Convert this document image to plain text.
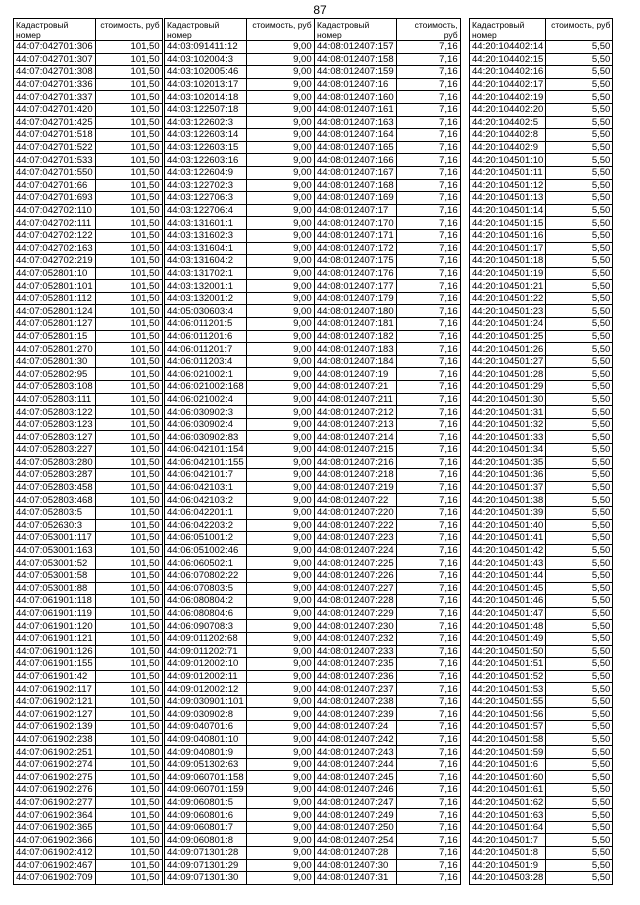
87
Кадастровый номер	стоимость, руб
44:07:042701:306	101,50
44:07:042701:307	101,50
44:07:042701:308	101,50
44:07:042701:336	101,50
44:07:042701:337	101,50
44:07:042701:420	101,50
44:07:042701:425	101,50
44:07:042701:518	101,50
44:07:042701:522	101,50
44:07:042701:533	101,50
44:07:042701:550	101,50
44:07:042701:66	101,50
44:07:042701:693	101,50
44:07:042702:110	101,50
44:07:042702:111	101,50
44:07:042702:122	101,50
44:07:042702:163	101,50
44:07:042702:219	101,50
44:07:052801:10	101,50
44:07:052801:101	101,50
44:07:052801:112	101,50
44:07:052801:124	101,50
44:07:052801:127	101,50
44:07:052801:15	101,50
44:07:052801:270	101,50
44:07:052801:30	101,50
44:07:052802:95	101,50
44:07:052803:108	101,50
44:07:052803:111	101,50
44:07:052803:122	101,50
44:07:052803:123	101,50
44:07:052803:127	101,50
44:07:052803:227	101,50
44:07:052803:280	101,50
44:07:052803:287	101,50
44:07:052803:458	101,50
44:07:052803:468	101,50
44:07:052803:5	101,50
44:07:052630:3	101,50
44:07:053001:117	101,50
44:07:053001:163	101,50
44:07:053001:52	101,50
44:07:053001:58	101,50
44:07:053001:88	101,50
44:07:061901:118	101,50
44:07:061901:119	101,50
44:07:061901:120	101,50
44:07:061901:121	101,50
44:07:061901:126	101,50
44:07:061901:155	101,50
44:07:061901:42	101,50
44:07:061902:117	101,50
44:07:061902:121	101,50
44:07:061902:127	101,50
44:07:061902:139	101,50
44:07:061902:238	101,50
44:07:061902:251	101,50
44:07:061902:274	101,50
44:07:061902:275	101,50
44:07:061902:276	101,50
44:07:061902:277	101,50
44:07:061902:364	101,50
44:07:061902:365	101,50
44:07:061902:366	101,50
44:07:061902:412	101,50
44:07:061902:467	101,50
44:07:061902:709	101,50
Кадастровый номер	стоимость, руб
44:03:091411:12	9,00
44:03:102004:3	9,00
44:03:102005:46	9,00
44:03:102013:17	9,00
44:03:102014:18	9,00
44:03:122507:18	9,00
44:03:122602:3	9,00
44:03:122603:14	9,00
44:03:122603:15	9,00
44:03:122603:16	9,00
44:03:122604:9	9,00
44:03:122702:3	9,00
44:03:122706:3	9,00
44:03:122706:4	9,00
44:03:131601:1	9,00
44:03:131602:3	9,00
44:03:131604:1	9,00
44:03:131604:2	9,00
44:03:131702:1	9,00
44:03:132001:1	9,00
44:03:132001:2	9,00
44:05:030603:4	9,00
44:06:011201:5	9,00
44:06:011201:6	9,00
44:06:011201:7	9,00
44:06:011203:4	9,00
44:06:021002:1	9,00
44:06:021002:168	9,00
44:06:021002:4	9,00
44:06:030902:3	9,00
44:06:030902:4	9,00
44:06:030902:83	9,00
44:06:042101:154	9,00
44:06:042101:155	9,00
44:06:042101:7	9,00
44:06:042103:1	9,00
44:06:042103:2	9,00
44:06:042201:1	9,00
44:06:042203:2	9,00
44:06:051001:2	9,00
44:06:051002:46	9,00
44:06:060502:1	9,00
44:06:070802:22	9,00
44:06:070803:5	9,00
44:06:080804:2	9,00
44:06:080804:6	9,00
44:06:090708:3	9,00
44:09:011202:68	9,00
44:09:011202:71	9,00
44:09:012002:10	9,00
44:09:012002:11	9,00
44:09:012002:12	9,00
44:09:030901:101	9,00
44:09:030902:8	9,00
44:09:040701:6	9,00
44:09:040801:10	9,00
44:09:040801:9	9,00
44:09:051302:63	9,00
44:09:060701:158	9,00
44:09:060701:159	9,00
44:09:060801:5	9,00
44:09:060801:6	9,00
44:09:060801:7	9,00
44:09:060801:8	9,00
44:09:071301:28	9,00
44:09:071301:29	9,00
44:09:071301:30	9,00
Кадастровый номер	стоимость, руб
44:08:012407:157	7,16
44:08:012407:158	7,16
44:08:012407:159	7,16
44:08:012407:16	7,16
44:08:012407:160	7,16
44:08:012407:161	7,16
44:08:012407:163	7,16
44:08:012407:164	7,16
44:08:012407:165	7,16
44:08:012407:166	7,16
44:08:012407:167	7,16
44:08:012407:168	7,16
44:08:012407:169	7,16
44:08:012407:17	7,16
44:08:012407:170	7,16
44:08:012407:171	7,16
44:08:012407:172	7,16
44:08:012407:175	7,16
44:08:012407:176	7,16
44:08:012407:177	7,16
44:08:012407:179	7,16
44:08:012407:180	7,16
44:08:012407:181	7,16
44:08:012407:182	7,16
44:08:012407:183	7,16
44:08:012407:184	7,16
44:08:012407:19	7,16
44:08:012407:21	7,16
44:08:012407:211	7,16
44:08:012407:212	7,16
44:08:012407:213	7,16
44:08:012407:214	7,16
44:08:012407:215	7,16
44:08:012407:216	7,16
44:08:012407:218	7,16
44:08:012407:219	7,16
44:08:012407:22	7,16
44:08:012407:220	7,16
44:08:012407:222	7,16
44:08:012407:223	7,16
44:08:012407:224	7,16
44:08:012407:225	7,16
44:08:012407:226	7,16
44:08:012407:227	7,16
44:08:012407:228	7,16
44:08:012407:229	7,16
44:08:012407:230	7,16
44:08:012407:232	7,16
44:08:012407:233	7,16
44:08:012407:235	7,16
44:08:012407:236	7,16
44:08:012407:237	7,16
44:08:012407:238	7,16
44:08:012407:239	7,16
44:08:012407:24	7,16
44:08:012407:242	7,16
44:08:012407:243	7,16
44:08:012407:244	7,16
44:08:012407:245	7,16
44:08:012407:246	7,16
44:08:012407:247	7,16
44:08:012407:249	7,16
44:08:012407:250	7,16
44:08:012407:254	7,16
44:08:012407:28	7,16
44:08:012407:30	7,16
44:08:012407:31	7,16
Кадастровый номер	стоимость, руб
44:20:104402:14	5,50
44:20:104402:15	5,50
44:20:104402:16	5,50
44:20:104402:17	5,50
44:20:104402:19	5,50
44:20:104402:20	5,50
44:20:104402:5	5,50
44:20:104402:8	5,50
44:20:104402:9	5,50
44:20:104501:10	5,50
44:20:104501:11	5,50
44:20:104501:12	5,50
44:20:104501:13	5,50
44:20:104501:14	5,50
44:20:104501:15	5,50
44:20:104501:16	5,50
44:20:104501:17	5,50
44:20:104501:18	5,50
44:20:104501:19	5,50
44:20:104501:21	5,50
44:20:104501:22	5,50
44:20:104501:23	5,50
44:20:104501:24	5,50
44:20:104501:25	5,50
44:20:104501:26	5,50
44:20:104501:27	5,50
44:20:104501:28	5,50
44:20:104501:29	5,50
44:20:104501:30	5,50
44:20:104501:31	5,50
44:20:104501:32	5,50
44:20:104501:33	5,50
44:20:104501:34	5,50
44:20:104501:35	5,50
44:20:104501:36	5,50
44:20:104501:37	5,50
44:20:104501:38	5,50
44:20:104501:39	5,50
44:20:104501:40	5,50
44:20:104501:41	5,50
44:20:104501:42	5,50
44:20:104501:43	5,50
44:20:104501:44	5,50
44:20:104501:45	5,50
44:20:104501:46	5,50
44:20:104501:47	5,50
44:20:104501:48	5,50
44:20:104501:49	5,50
44:20:104501:50	5,50
44:20:104501:51	5,50
44:20:104501:52	5,50
44:20:104501:53	5,50
44:20:104501:55	5,50
44:20:104501:56	5,50
44:20:104501:57	5,50
44:20:104501:58	5,50
44:20:104501:59	5,50
44:20:104501:6	5,50
44:20:104501:60	5,50
44:20:104501:61	5,50
44:20:104501:62	5,50
44:20:104501:63	5,50
44:20:104501:64	5,50
44:20:104501:7	5,50
44:20:104501:8	5,50
44:20:104501:9	5,50
44:20:104503:28	5,50
